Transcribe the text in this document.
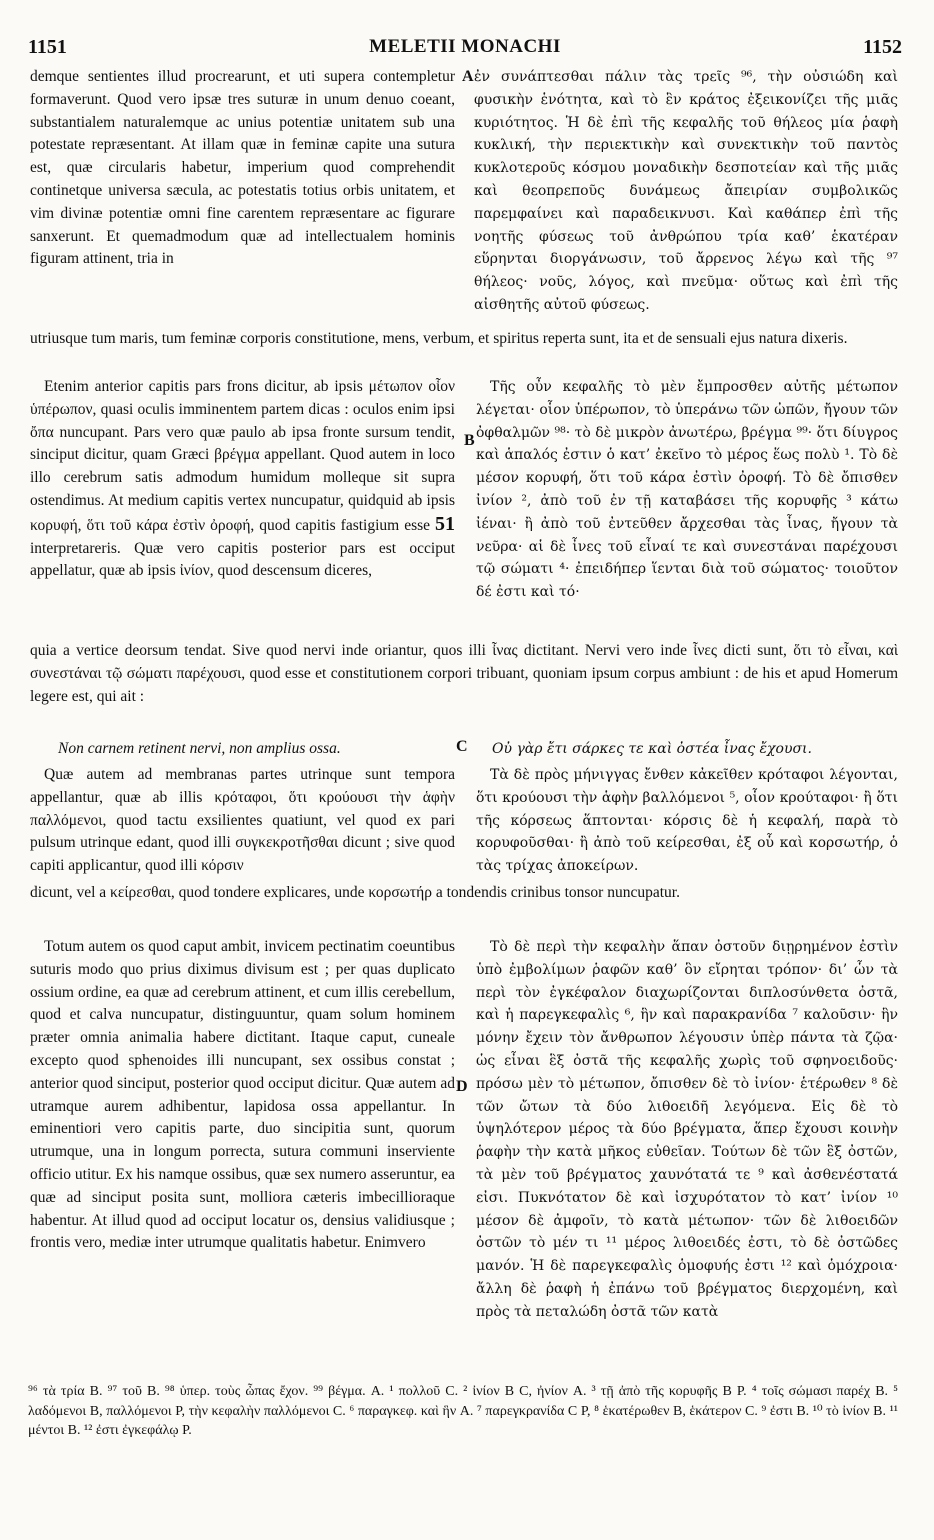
1151	MELETII MONACHI	1152

demque sentientes illud procrearunt, et uti supera contempletur formaverunt. Quod vero ipsæ tres suturæ in unum denuo coeant, substantialem naturalemque ac unius potentiæ unitatem sub una potestate repræsentant. At illam quæ in feminæ capite una sutura est, quæ circularis habetur, imperium quod comprehendit continetque universa sæcula, ac potestatis totius orbis unitatem, et vim divinæ potentiæ omni fine carentem repræsentare ac figurare sanxerunt. Et quemadmodum quæ ad intellectualem hominis figuram attinent, tria in

A ἐν συνάπτεσθαι πάλιν τὰς τρεῖς ⁹⁶, τὴν οὐσιώδη καὶ φυσικὴν ἑνότητα, καὶ τὸ ἓν κράτος ἐξεικονίζει τῆς μιᾶς κυριότητος. Ἡ δὲ ἐπὶ τῆς κεφαλῆς τοῦ θήλεος μία ῥαφὴ κυκλική, τὴν περιεκτικὴν καὶ συνεκτικὴν τοῦ παντὸς κυκλοτεροῦς κόσμου μοναδικὴν δεσποτείαν καὶ τῆς μιᾶς καὶ θεοπρεποῦς δυνάμεως ἄπειρίαν συμβολικῶς παρεμφαίνει καὶ παραδεικνυσι. Καὶ καθάπερ ἐπὶ τῆς νοητῆς φύσεως τοῦ ἀνθρώπου τρία καθ’ ἑκατέραν εὕρηνται διοργάνωσιν, τοῦ ἄρρενος λέγω καὶ τῆς ⁹⁷ θήλεος· νοῦς, λόγος, καὶ πνεῦμα· οὕτως καὶ ἐπὶ τῆς αἰσθητῆς αὐτοῦ φύσεως.

utriusque tum maris, tum feminæ corporis constitutione, mens, verbum, et spiritus reperta sunt, ita et de sensuali ejus natura dixeris.

Etenim anterior capitis pars frons dicitur, ab ipsis μέτωπον οἷον ὑπέρωπον, quasi oculis imminentem partem dicas : oculos enim ipsi ὄπα nuncupant. Pars vero quæ paulo ab ipsa fronte sursum tendit, sinciput dicitur, quam Græci βρέγμα appellant. Quod autem in loco illo cerebrum satis admodum humidum molleque sit supra ostendimus. At medium capitis vertex nuncupatur, quidquid ab ipsis κορυφή, ὅτι τοῦ κάρα ἐστὶν ὀροφή, quod capitis fastigium esse 51 interpretareris. Quæ vero capitis posterior pars est occiput appellatur, quæ ab ipsis ἰνίον, quod descensum diceres,

B

Τῆς οὖν κεφαλῆς τὸ μὲν ἔμπροσθεν αὐτῆς μέτωπον λέγεται· οἷον ὑπέρωπον, τὸ ὑπεράνω τῶν ὠπῶν, ἤγουν τῶν ὀφθαλμῶν ⁹⁸· τὸ δὲ μικρὸν ἀνωτέρω, βρέγμα ⁹⁹· ὅτι δίυγρος καὶ ἁπαλός ἐστιν ὁ κατ’ ἐκεῖνο τὸ μέρος ἕως πολὺ ¹. Τὸ δὲ μέσον κορυφή, ὅτι τοῦ κάρα ἐστὶν ὀροφή. Τὸ δὲ ὄπισθεν ἰνίον ², ἀπὸ τοῦ ἐν τῇ καταβάσει τῆς κορυφῆς ³ κάτω ἰέναι· ἢ ἀπὸ τοῦ ἐντεῦθεν ἄρχεσθαι τὰς ἶνας, ἤγουν τὰ νεῦρα· αἱ δὲ ἶνες τοῦ εἶναί τε καὶ συνεστάναι παρέχουσι τῷ σώματι ⁴· ἐπειδήπερ ἵενται διὰ τοῦ σώματος· τοιοῦτον δέ ἐστι καὶ τό·

quia a vertice deorsum tendat. Sive quod nervi inde oriantur, quos illi ἶνας dictitant. Nervi vero inde ἶνες dicti sunt, ὅτι τὸ εἶναι, καὶ συνεστάναι τῷ σώματι παρέχουσι, quod esse et constitutionem corpori tribuant, quoniam ipsum corpus ambiunt : de his et apud Homerum legere est, qui ait :

Non carnem retinent nervi, non amplius ossa.	C Οὐ γὰρ ἔτι σάρκες τε καὶ ὀστέα ἶνας ἔχουσι.

Quæ autem ad membranas partes utrinque sunt tempora appellantur, quæ ab illis κρόταφοι, ὅτι κρούουσι τὴν ἁφὴν παλλόμενοι, quod tactu exsilientes quatiunt, vel quod ex pari pulsum utrinque edant, quod illi συγκεκροτῆσθαι dicunt ; sive quod capiti applicantur, quod illi κόρσιν

Τὰ δὲ πρὸς μήνιγγας ἔνθεν κἀκεῖθεν κρόταφοι λέγονται, ὅτι κρούουσι τὴν ἁφὴν βαλλόμενοι ⁵, οἷον κρούταφοι· ἢ ὅτι τῆς κόρσεως ἅπτονται· κόρσις δὲ ἡ κεφαλή, παρὰ τὸ κορυφοῦσθαι· ἢ ἀπὸ τοῦ κείρεσθαι, ἐξ οὗ καὶ κορσωτήρ, ὁ τὰς τρίχας ἀποκείρων.

dicunt, vel a κείρεσθαι, quod tondere explicares, unde κορσωτήρ a tondendis crinibus tonsor nuncupatur.

Totum autem os quod caput ambit, invicem pectinatim coeuntibus suturis modo quo prius diximus divisum est ; per quas duplicato ossium ordine, ea quæ ad cerebrum attinent, et cum illis cerebellum, quod et calva nuncupatur, distinguuntur, quam solum hominem præter omnia animalia habere dictitant. Itaque caput, cuneale excepto quod sphenoides illi nuncupant, sex ossibus constat ; anterior quod sinciput, posterior quod occiput dicitur. Quæ autem ad utramque aurem adhibentur, lapidosa ossa appellantur. In eminentiori vero capitis parte, duo sincipitia sunt, quorum utrumque, una in longum porrecta, sutura communi inserviente officio utitur. Ex his namque ossibus, quæ sex numero asseruntur, ea quæ ad sinciput posita sunt, molliora cæteris imbecillioraque habentur. At illud quod ad occiput locatur os, densius validiusque ; frontis vero, mediæ inter utrumque qualitatis habetur. Enimvero

D

Τὸ δὲ περὶ τὴν κεφαλὴν ἅπαν ὀστοῦν διῃρημένον ἐστὶν ὑπὸ ἐμβολίμων ῥαφῶν καθ’ ὃν εἴρηται τρόπον· δι’ ὧν τὰ περὶ τὸν ἐγκέφαλον διαχωρίζονται διπλοσύνθετα ὀστᾶ, καὶ ἡ παρεγκεφαλὶς ⁶, ἣν καὶ παρακρανίδα ⁷ καλοῦσιν· ἣν μόνην ἔχειν τὸν ἄνθρωπον λέγουσιν ὑπὲρ πάντα τὰ ζῷα· ὡς εἶναι ἓξ ὀστᾶ τῆς κεφαλῆς χωρὶς τοῦ σφηνοειδοῦς· πρόσω μὲν τὸ μέτωπον, ὄπισθεν δὲ τὸ ἰνίον· ἑτέρωθεν ⁸ δὲ τῶν ὤτων τὰ δύο λιθοειδῆ λεγόμενα. Εἰς δὲ τὸ ὑψηλότερον μέρος τὰ δύο βρέγματα, ἅπερ ἔχουσι κοινὴν ῥαφὴν τὴν κατὰ μῆκος εὐθεῖαν. Τούτων δὲ τῶν ἓξ ὀστῶν, τὰ μὲν τοῦ βρέγματος χαυνότατά τε ⁹ καὶ ἀσθενέστατά εἰσι. Πυκνότατον δὲ καὶ ἰσχυρότατον τὸ κατ’ ἰνίον ¹⁰ μέσον δὲ ἀμφοῖν, τὸ κατὰ μέτωπον· τῶν δὲ λιθοειδῶν ὀστῶν τὸ μέν τι ¹¹ μέρος λιθοειδές ἐστι, τὸ δὲ ὀστῶδες μανόν. Ἡ δὲ παρεγκεφαλὶς ὁμοφυής ἐστι ¹² καὶ ὁμόχροια· ἄλλη δὲ ῥαφὴ ἡ ἐπάνω τοῦ βρέγματος διερχομένη, καὶ πρὸς τὰ πεταλώδη ὀστᾶ τῶν κατὰ

⁹⁶ τὰ τρία B. ⁹⁷ τοῦ B. ⁹⁸ ὑπερ. τοὺς ὦπας ἔχον. ⁹⁹ βέγμα. A. ¹ πολλοῦ C. ² ἰνίον B C, ἠνίον A. ³ τῇ ἀπὸ τῆς κορυφῆς B P. ⁴ τοῖς σώμασι παρέχ B. ⁵ λαδόμενοι B, παλλόμενοι P, τὴν κεφαλὴν παλλόμενοι C. ⁶ παραγκεφ. καὶ ἣν A. ⁷ παρεγκρανίδα C P, ⁸ ἑκατέρωθεν B, ἑκάτερον C. ⁹ ἐστι B. ¹⁰ τὸ ἰνίον B. ¹¹ μέντοι B. ¹² ἐστι ἐγκεφάλῳ P.
